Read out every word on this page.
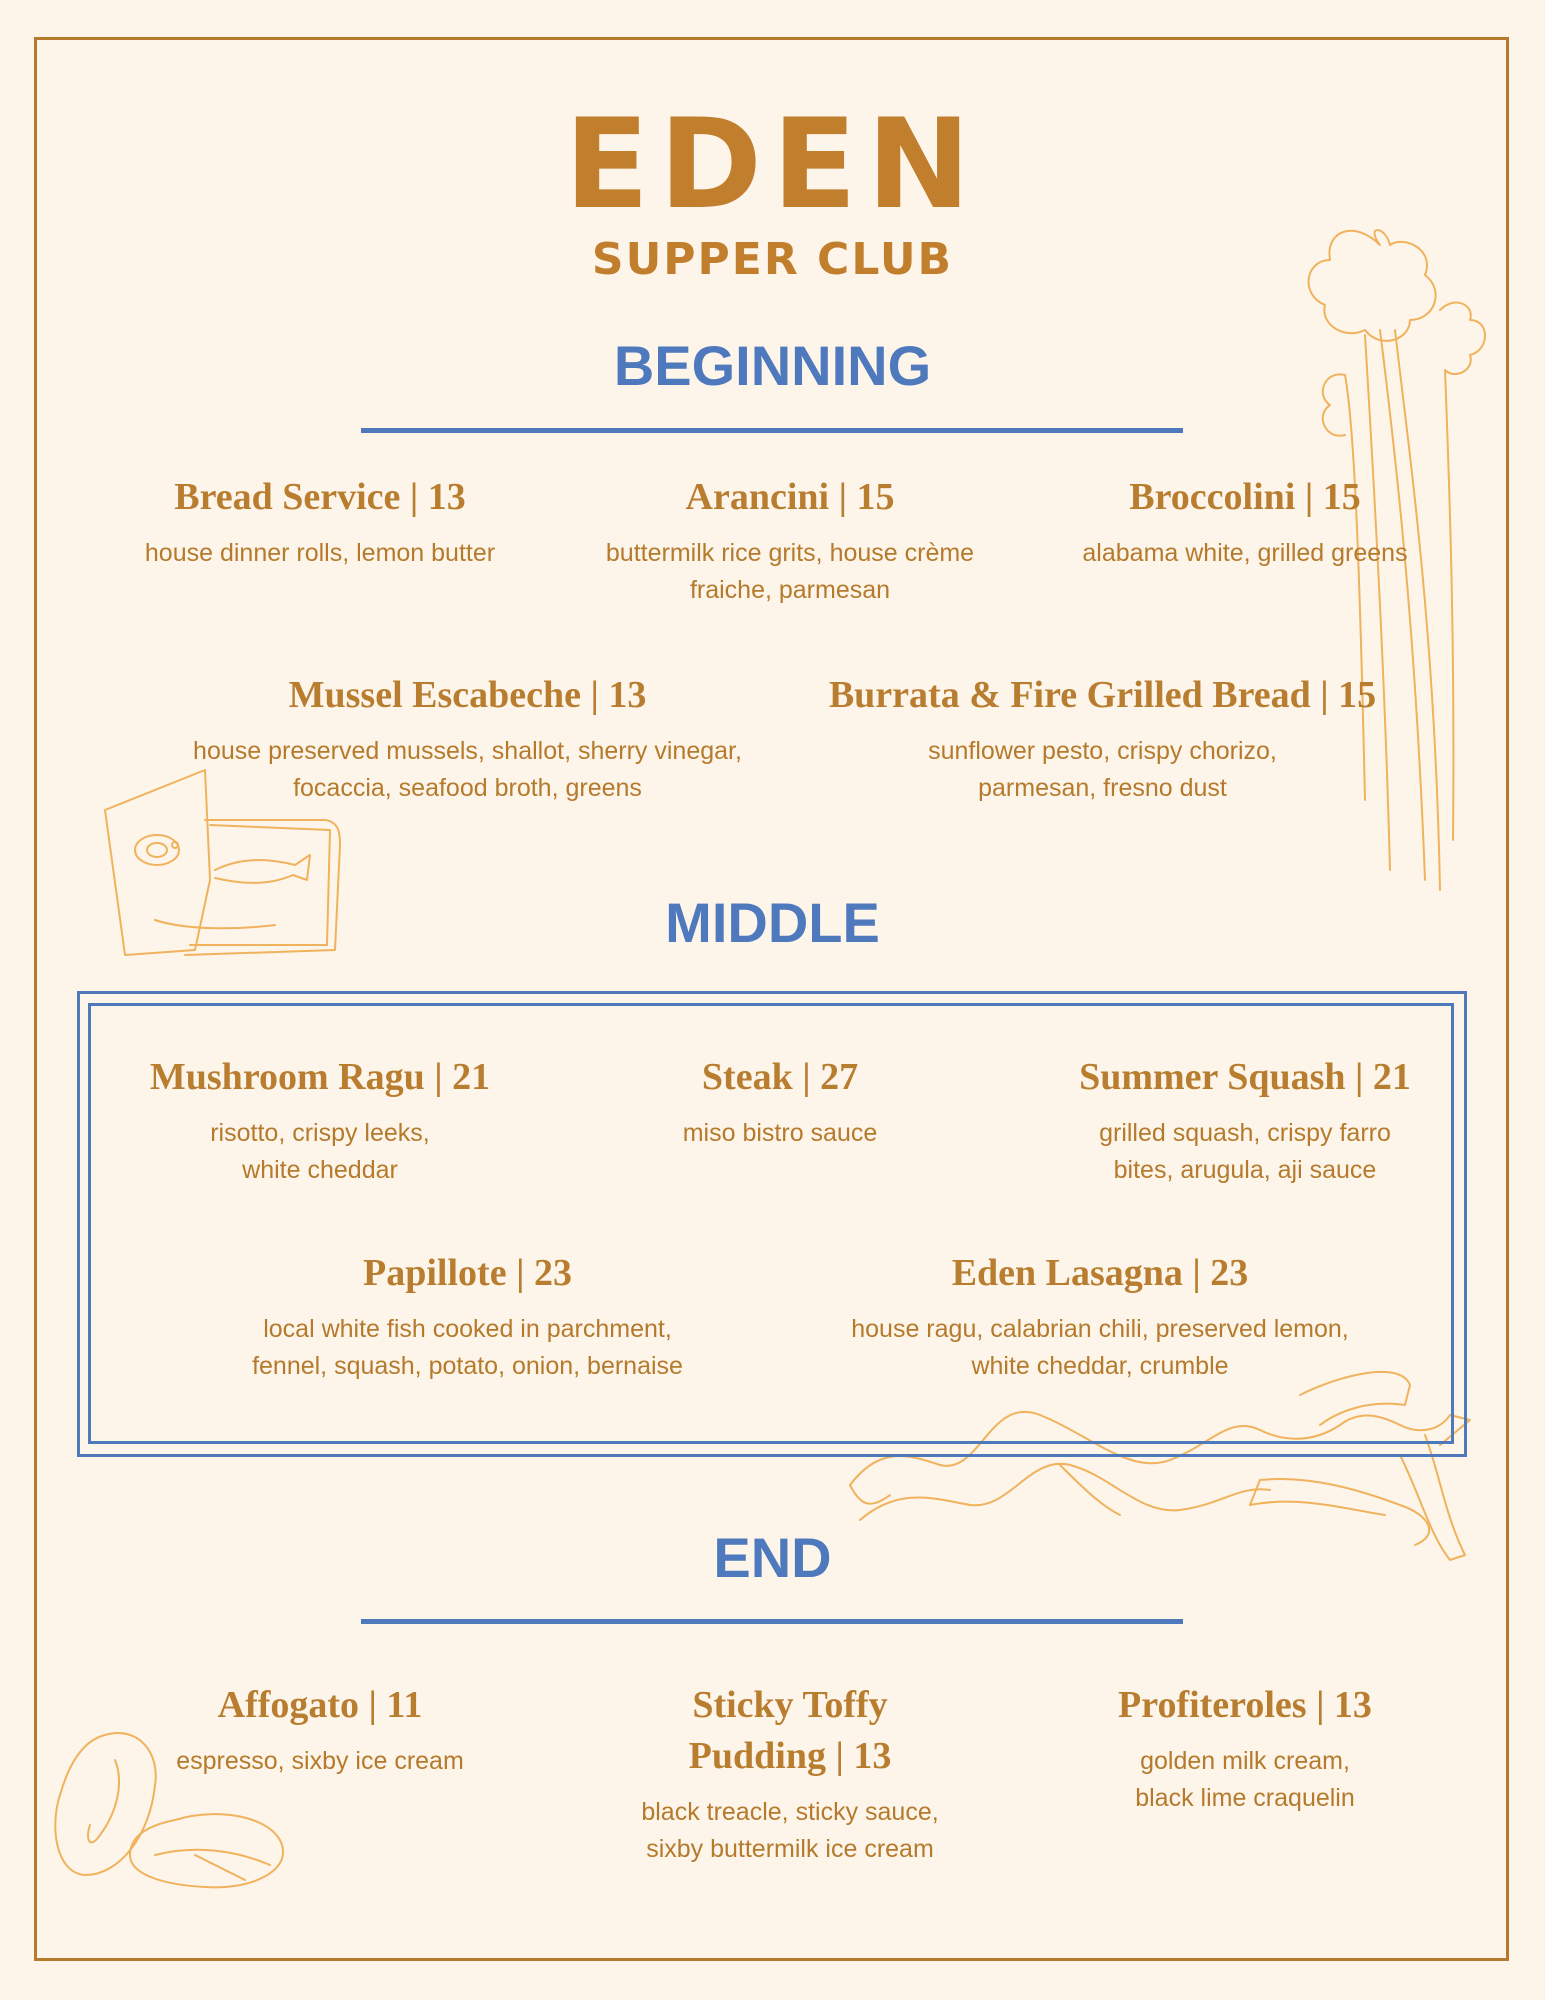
EDEN
SUPPER CLUB
BEGINNING
Bread Service | 13
house dinner rolls, lemon butter
Arancini | 15
buttermilk rice grits, house crème
fraiche, parmesan
Broccolini | 15
alabama white, grilled greens
Mussel Escabeche | 13
house preserved mussels, shallot, sherry vinegar,
focaccia, seafood broth, greens
Burrata & Fire Grilled Bread | 15
sunflower pesto, crispy chorizo,
parmesan, fresno dust
MIDDLE
Mushroom Ragu | 21
risotto, crispy leeks,
white cheddar
Steak | 27
miso bistro sauce
Summer Squash | 21
grilled squash, crispy farro
bites, arugula, aji sauce
Papillote | 23
local white fish cooked in parchment,
fennel, squash, potato, onion, bernaise
Eden Lasagna | 23
house ragu, calabrian chili, preserved lemon,
white cheddar, crumble
END
Affogato | 11
espresso, sixby ice cream
Sticky Toffy
Pudding | 13
black treacle, sticky sauce,
sixby buttermilk ice cream
Profiteroles | 13
golden milk cream,
black lime craquelin
